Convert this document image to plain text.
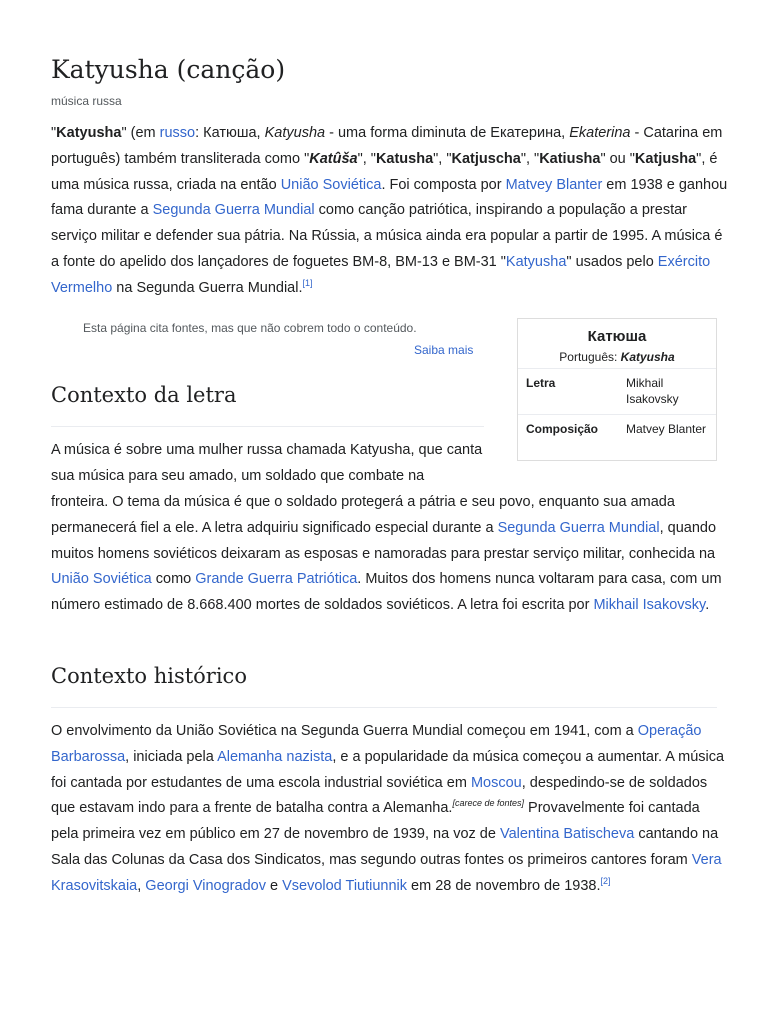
Katyusha (canção)
música russa

"Katyusha" (em russo: Катюша, Katyusha - uma forma diminuta de Екатерина, Ekaterina - Catarina em português) também transliterada como "Katûša", "Katusha", "Katjuscha", "Katiusha" ou "Katjusha", é uma música russa, criada na então União Soviética. Foi composta por Matvey Blanter em 1938 e ganhou fama durante a Segunda Guerra Mundial como canção patriótica, inspirando a população a prestar serviço militar e defender sua pátria. Na Rússia, a música ainda era popular a partir de 1995. A música é a fonte do apelido dos lançadores de foguetes BM-8, BM-13 e BM-31 "Katyusha" usados pelo Exército Vermelho na Segunda Guerra Mundial.[1]

Esta página cita fontes, mas que não cobrem todo o conteúdo.
Saiba mais
Катюша
Português: Katyusha
Letra	Mikhail Isakovsky
Composição Matvey Blanter
Contexto da letra

A música é sobre uma mulher russa chamada Katyusha, que canta sua música para seu amado, um soldado que combate na

fronteira. O tema da música é que o soldado protegerá a pátria e seu povo, enquanto sua amada permanecerá fiel a ele. A letra adquiriu significado especial durante a Segunda Guerra Mundial, quando muitos homens soviéticos deixaram as esposas e namoradas para prestar serviço militar, conhecida na União Soviética como Grande Guerra Patriótica. Muitos dos homens nunca voltaram para casa, com um número estimado de 8.668.400 mortes de soldados soviéticos. A letra foi escrita por Mikhail Isakovsky.

Contexto histórico

O envolvimento da União Soviética na Segunda Guerra Mundial começou em 1941, com a Operação Barbarossa, iniciada pela Alemanha nazista, e a popularidade da música começou a aumentar. A música foi cantada por estudantes de uma escola industrial soviética em Moscou, despedindo-se de soldados que estavam indo para a frente de batalha contra a Alemanha.[carece de fontes] Provavelmente foi cantada pela primeira vez em público em 27 de novembro de 1939, na voz de Valentina Batischeva cantando na Sala das Colunas da Casa dos Sindicatos, mas segundo outras fontes os primeiros cantores foram Vera Krasovitskaia, Georgi Vinogradov e Vsevolod Tiutiunnik em 28 de novembro de 1938.[2]
